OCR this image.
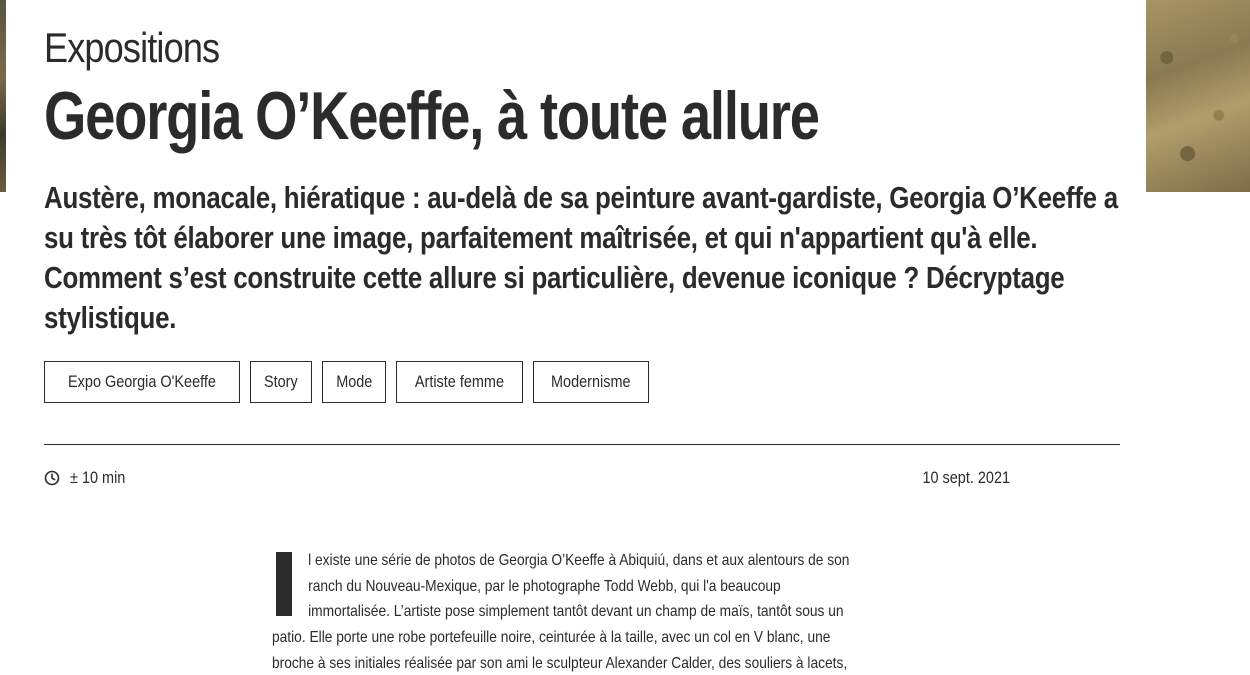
Expositions
Georgia O’Keeffe, à toute allure

Austère, monacale, hiératique : au-delà de sa peinture avant-gardiste, Georgia O’Keeffe a su très tôt élaborer une image, parfaitement maîtrisée, et qui n'appartient qu'à elle. Comment s’est construite cette allure si particulière, devenue iconique ? Décryptage stylistique.

Expo Georgia O'Keeffe	Story Mode	Artiste femme	Modernisme
± 10 min	10 sept. 2021
l existe une série de photos de Georgia O’Keeffe à Abiquiú, dans et aux alentours de son
ranch du Nouveau-Mexique, par le photographe Todd Webb, qui l'a beaucoup
immortalisée. L’artiste pose simplement tantôt devant un champ de maïs, tantôt sous un
patio. Elle porte une robe portefeuille noire, ceinturée à la taille, avec un col en V blanc, une
broche à ses initiales réalisée par son ami le sculpteur Alexander Calder, des souliers à lacets,
